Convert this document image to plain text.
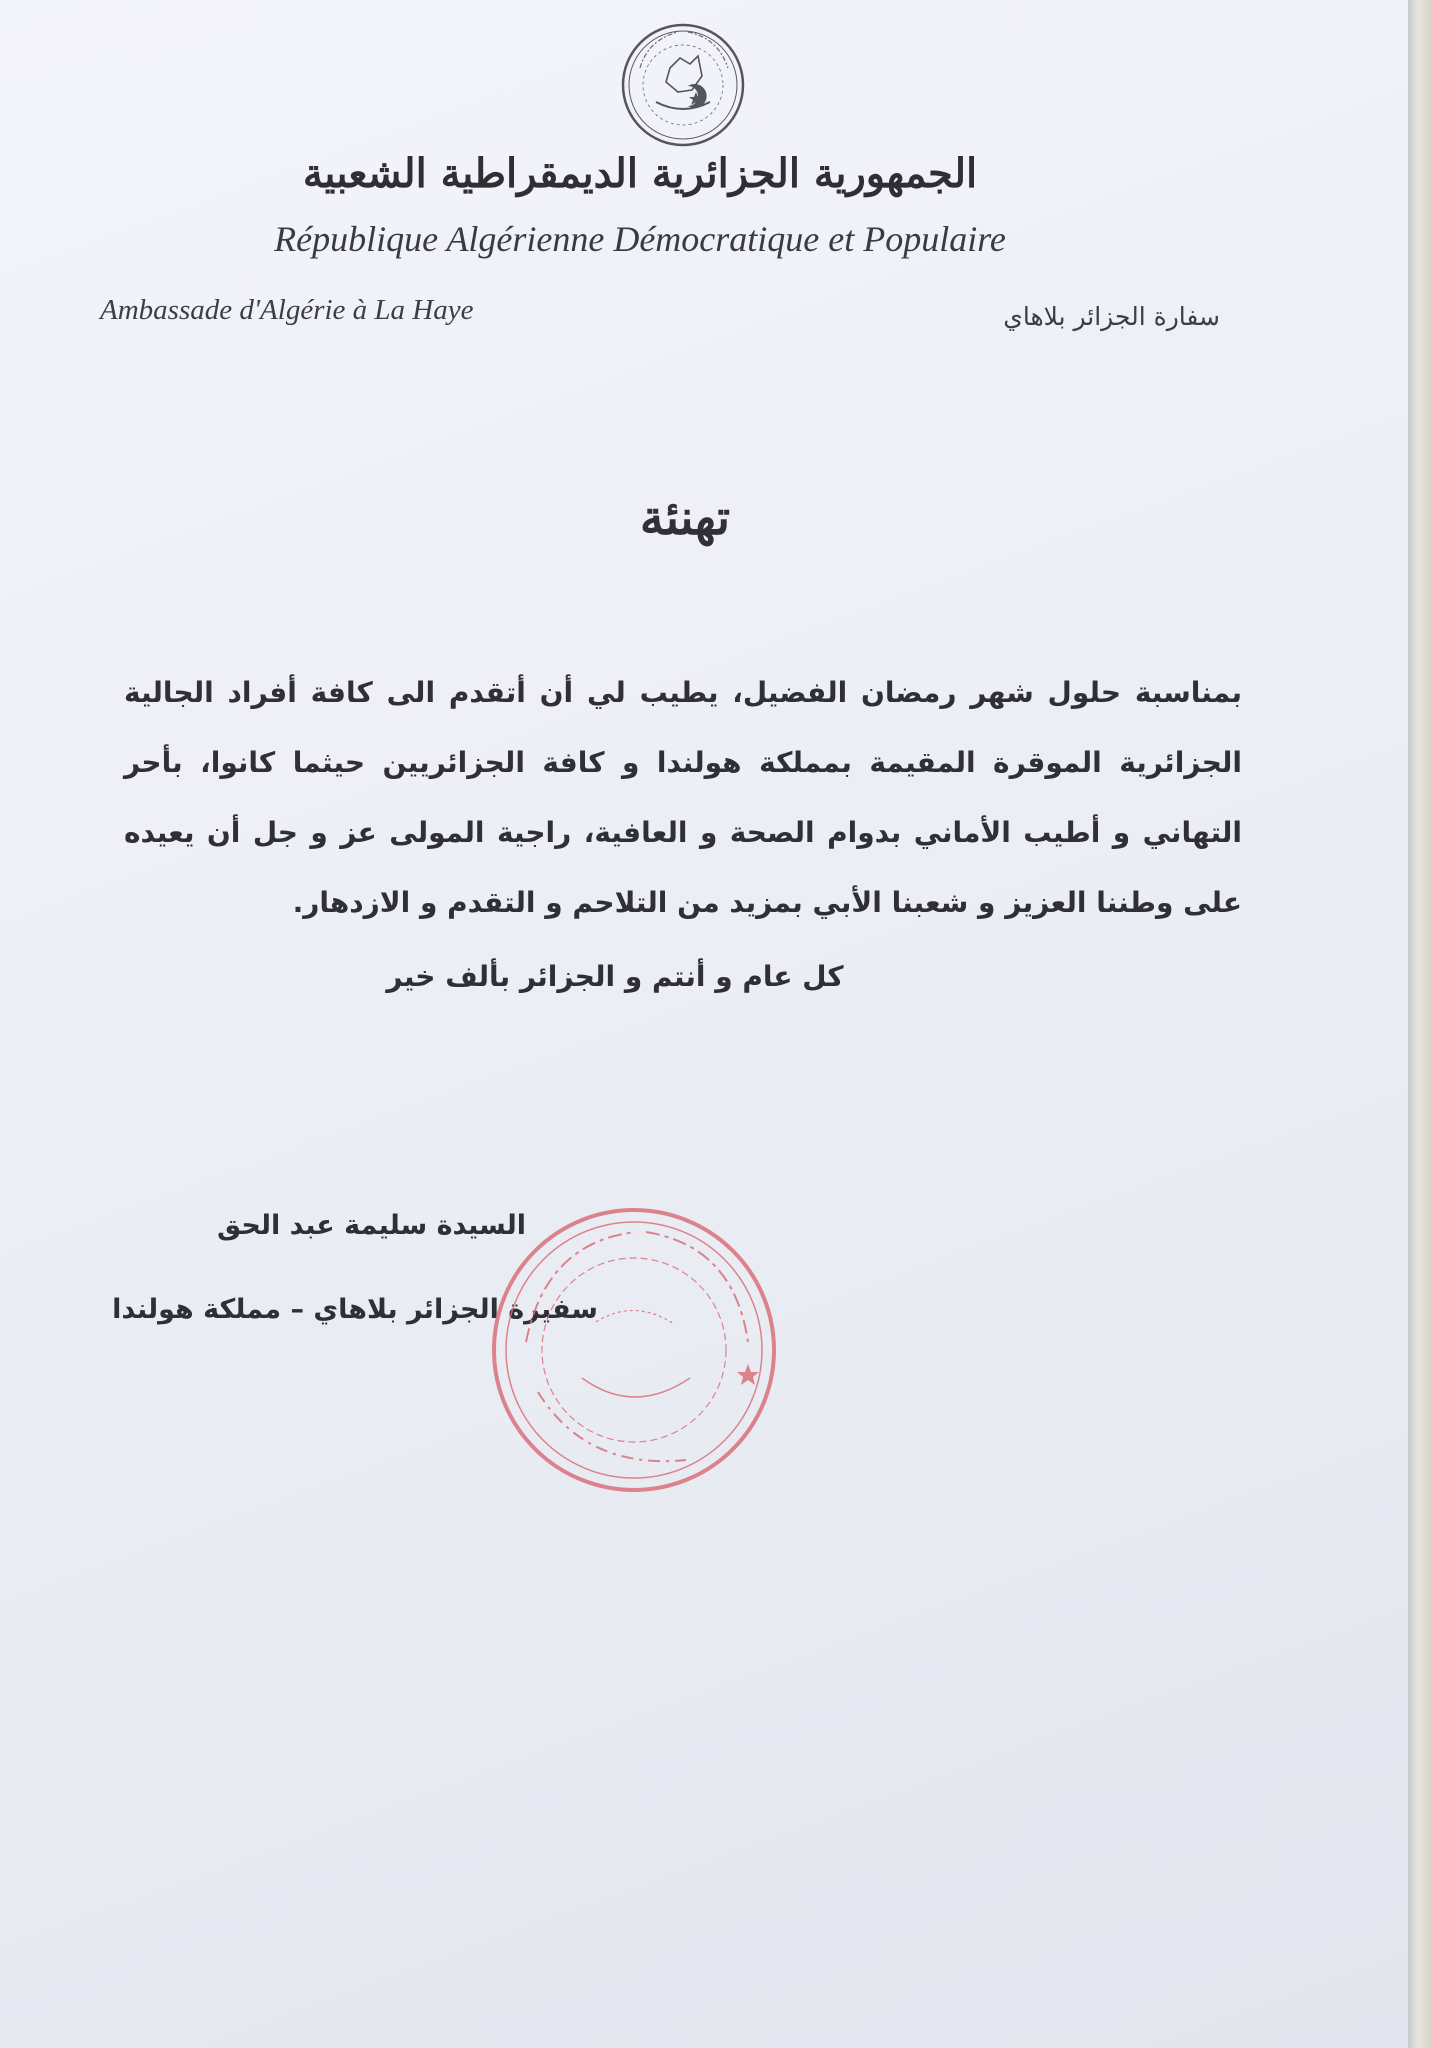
الجمهورية الجزائرية الديمقراطية الشعبية
République Algérienne Démocratique et Populaire
Ambassade d'Algérie à La Haye	سفارة الجزائر بلاهاي
تهنئة
بمناسبة حلول شهر رمضان الفضيل، يطيب لي أن أتقدم الى كافة أفراد الجالية الجزائرية الموقرة المقيمة بمملكة هولندا و كافة الجزائريين حيثما كانوا، بأحر التهاني و أطيب الأماني بدوام الصحة و العافية، راجية المولى عز و جل أن يعيده على وطننا العزيز و شعبنا الأبي بمزيد من التلاحم و التقدم و الازدهار.
كل عام و أنتم و الجزائر بألف خير
السيدة سليمة عبد الحق
سفيرة الجزائر بلاهاي – مملكة هولندا
